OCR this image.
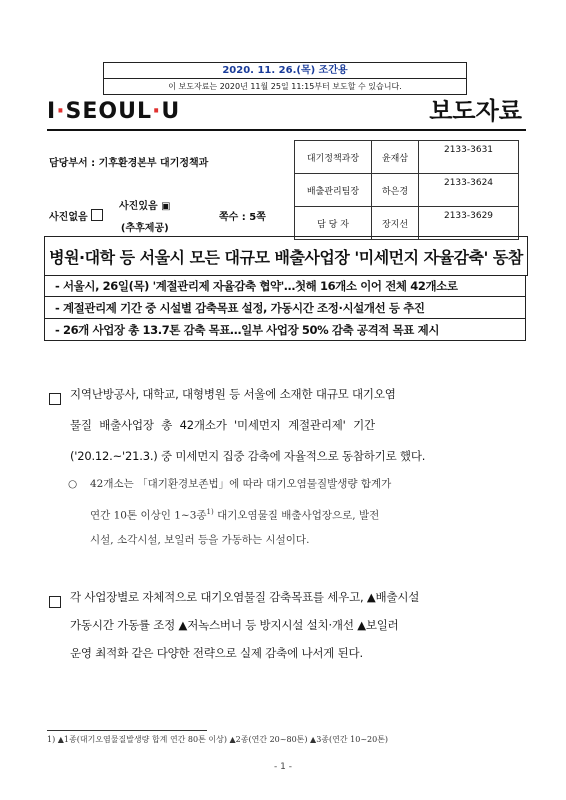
2020. 11. 26.(목) 조간용
이 보도자료는 2020년 11월 25일 11:15부터 보도할 수 있습니다.
I·SEOUL·U	보도자료
담당부서 : 기후환경본부 대기정책과	대기정책과장	윤재삼	2133-3631
배출관리팀장	하은경	2133-3624
담 당 자	장지선	2133-3629
사진없음
사진있음 ▣
(추후제공)
쪽수 : 5쪽
병원·대학 등 서울시 모든 대규모 배출사업장 '미세먼지 자율감축' 동참
- 서울시, 26일(목) '계절관리제 자율감축 협약'…첫해 16개소 이어 전체 42개소로
- 계절관리제 기간 중 시설별 감축목표 설정, 가동시간 조정·시설개선 등 추진
- 26개 사업장 총 13.7톤 감축 목표…일부 사업장 50% 감축 공격적 목표 제시
지역난방공사, 대학교, 대형병원 등 서울에 소재한 대규모 대기오염
물질 배출사업장 총 42개소가 '미세먼지 계절관리제' 기간
('20.12.~'21.3.) 중 미세먼지 집중 감축에 자율적으로 동참하기로 했다.
○ 42개소는 「대기환경보존법」에 따라 대기오염물질발생량 합계가
연간 10톤 이상인 1~3종$^{1)}$ 대기오염물질 배출사업장으로, 발전
시설, 소각시설, 보일러 등을 가동하는 시설이다.
각 사업장별로 자체적으로 대기오염물질 감축목표를 세우고, ▲배출시설
가동시간 가동률 조정 ▲저녹스버너 등 방지시설 설치·개선 ▲보일러
운영 최적화 같은 다양한 전략으로 실제 감축에 나서게 된다.
1) ▲1종(대기오염물질발생량 합계 연간 80톤 이상) ▲2종(연간 20~80톤) ▲3종(연간 10~20톤)
- 1 -
